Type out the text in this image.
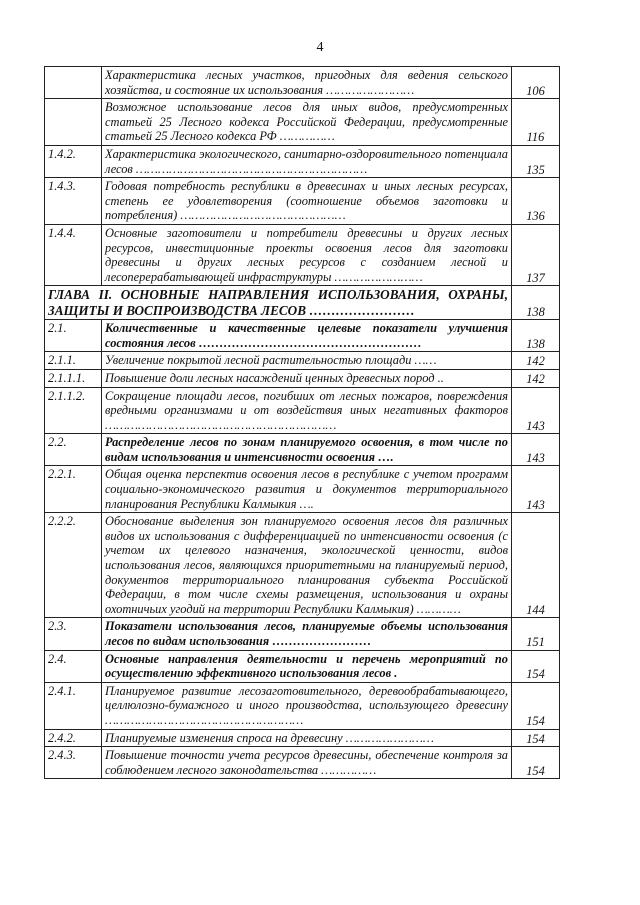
4
	Характеристика лесных участков, пригодных для ведения сельского хозяйства, и состояние их использования ……………………	106
	Возможное использование лесов для иных видов, предусмотренных статьей 25 Лесного кодекса Российской Федерации, предусмотренные статьей 25 Лесного кодекса РФ ……………	116
1.4.2.	Характеристика экологического, санитарно-оздоровительного потенциала лесов ………………………………………………………	135
1.4.3.	Годовая потребность республики в древесинах и иных лесных ресурсах, степень ее удовлетворения (соотношение объемов заготовки и потребления) ………………………………………	136
1.4.4.	Основные заготовители и потребители древесины и других лесных ресурсов, инвестиционные проекты освоения лесов для заготовки древесины и других лесных ресурсов с созданием лесной и лесоперерабатывающей инфраструктуры ……………………	137
ГЛАВА II. ОСНОВНЫЕ НАПРАВЛЕНИЯ ИСПОЛЬЗОВАНИЯ, ОХРАНЫ, ЗАЩИТЫ И ВОСПРОИЗВОДСТВА ЛЕСОВ ……………………		138
2.1.	Количественные и качественные целевые показатели улучшения состояния лесов ………………………………………………	138
2.1.1.	Увеличение покрытой лесной растительностью площади ……	142
2.1.1.1.	Повышение доли лесных насаждений ценных древесных пород ..	142
2.1.1.2.	Сокращение площади лесов, погибших от лесных пожаров, повреждения вредными организмами и от воздействия иных негативных факторов ………………………………………………………	143
2.2.	Распределение лесов по зонам планируемого освоения, в том числе по видам использования и интенсивности освоения ….	143
2.2.1.	Общая оценка перспектив освоения лесов в республике с учетом программ социально-экономического развития и документов территориального планирования Республики Калмыкия ….	143
2.2.2.	Обоснование выделения зон планируемого освоения лесов для различных видов их использования с дифференциацией по интенсивности освоения (с учетом их целевого назначения, экологической ценности, видов использования лесов, являющихся приоритетными на планируемый период, документов территориального планирования субъекта Российской Федерации, в том числе схемы размещения, использования и охраны охотничьих угодий на территории Республики Калмыкия) …………	144
2.3.	Показатели использования лесов, планируемые объемы использования лесов по видам использования ……………………	151
2.4.	Основные направления деятельности и перечень мероприятий по осуществлению эффективного использования лесов .	154
2.4.1.	Планируемое развитие лесозаготовительного, деревообрабатывающего, целлюлозно-бумажного и иного производства, использующего древесину ………………………………………………	154
2.4.2.	Планируемые изменения спроса на древесину ……………………	154
2.4.3.	Повышение точности учета ресурсов древесины, обеспечение контроля за соблюдением лесного законодательства ……………	154
